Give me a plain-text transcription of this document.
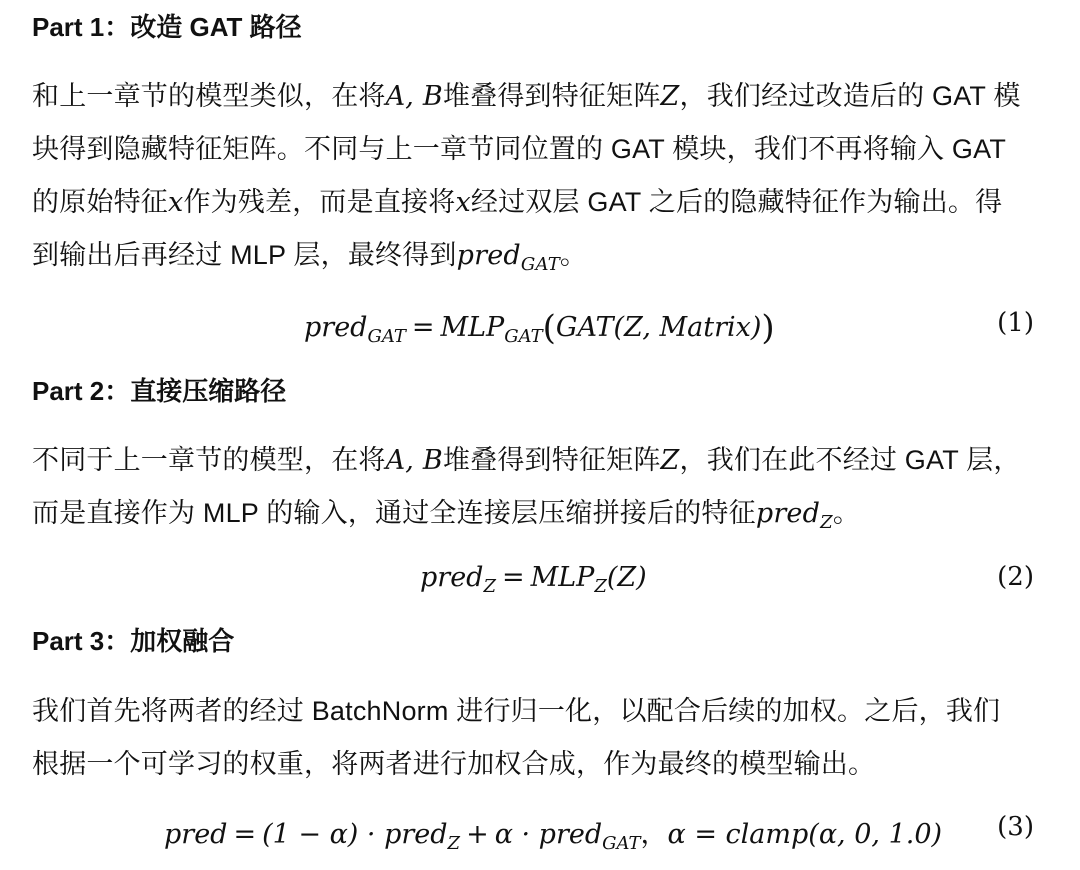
Part 1：改造 GAT 路径
和上一章节的模型类似，在将A, B堆叠得到特征矩阵Z，我们经过改造后的 GAT 模
块得到隐藏特征矩阵。不同与上一章节同位置的 GAT 模块，我们不再将输入 GAT
的原始特征x作为残差，而是直接将x经过双层 GAT 之后的隐藏特征作为输出。得
到输出后再经过 MLP 层，最终得到pred$_{GAT}$。
pred$_{GAT}$ = $MLP_{GAT}(GAT(Z$, Matrix))	(1)
Part 2：直接压缩路径
不同于上一章节的模型，在将A, B堆叠得到特征矩阵Z，我们在此不经过 GAT 层，
而是直接作为 MLP 的输入，通过全连接层压缩拼接后的特征pred$_Z$。
pred$_Z$ = $MLP_Z(Z)$	(2)
Part 3：加权融合
我们首先将两者的经过 BatchNorm 进行归一化，以配合后续的加权。之后，我们
根据一个可学习的权重，将两者进行加权合成，作为最终的模型输出。
pred = (1 − α) · pred$_Z$ + α · pred$_{GAT}$，α = clamp(α, 0, 1.0) (3)
